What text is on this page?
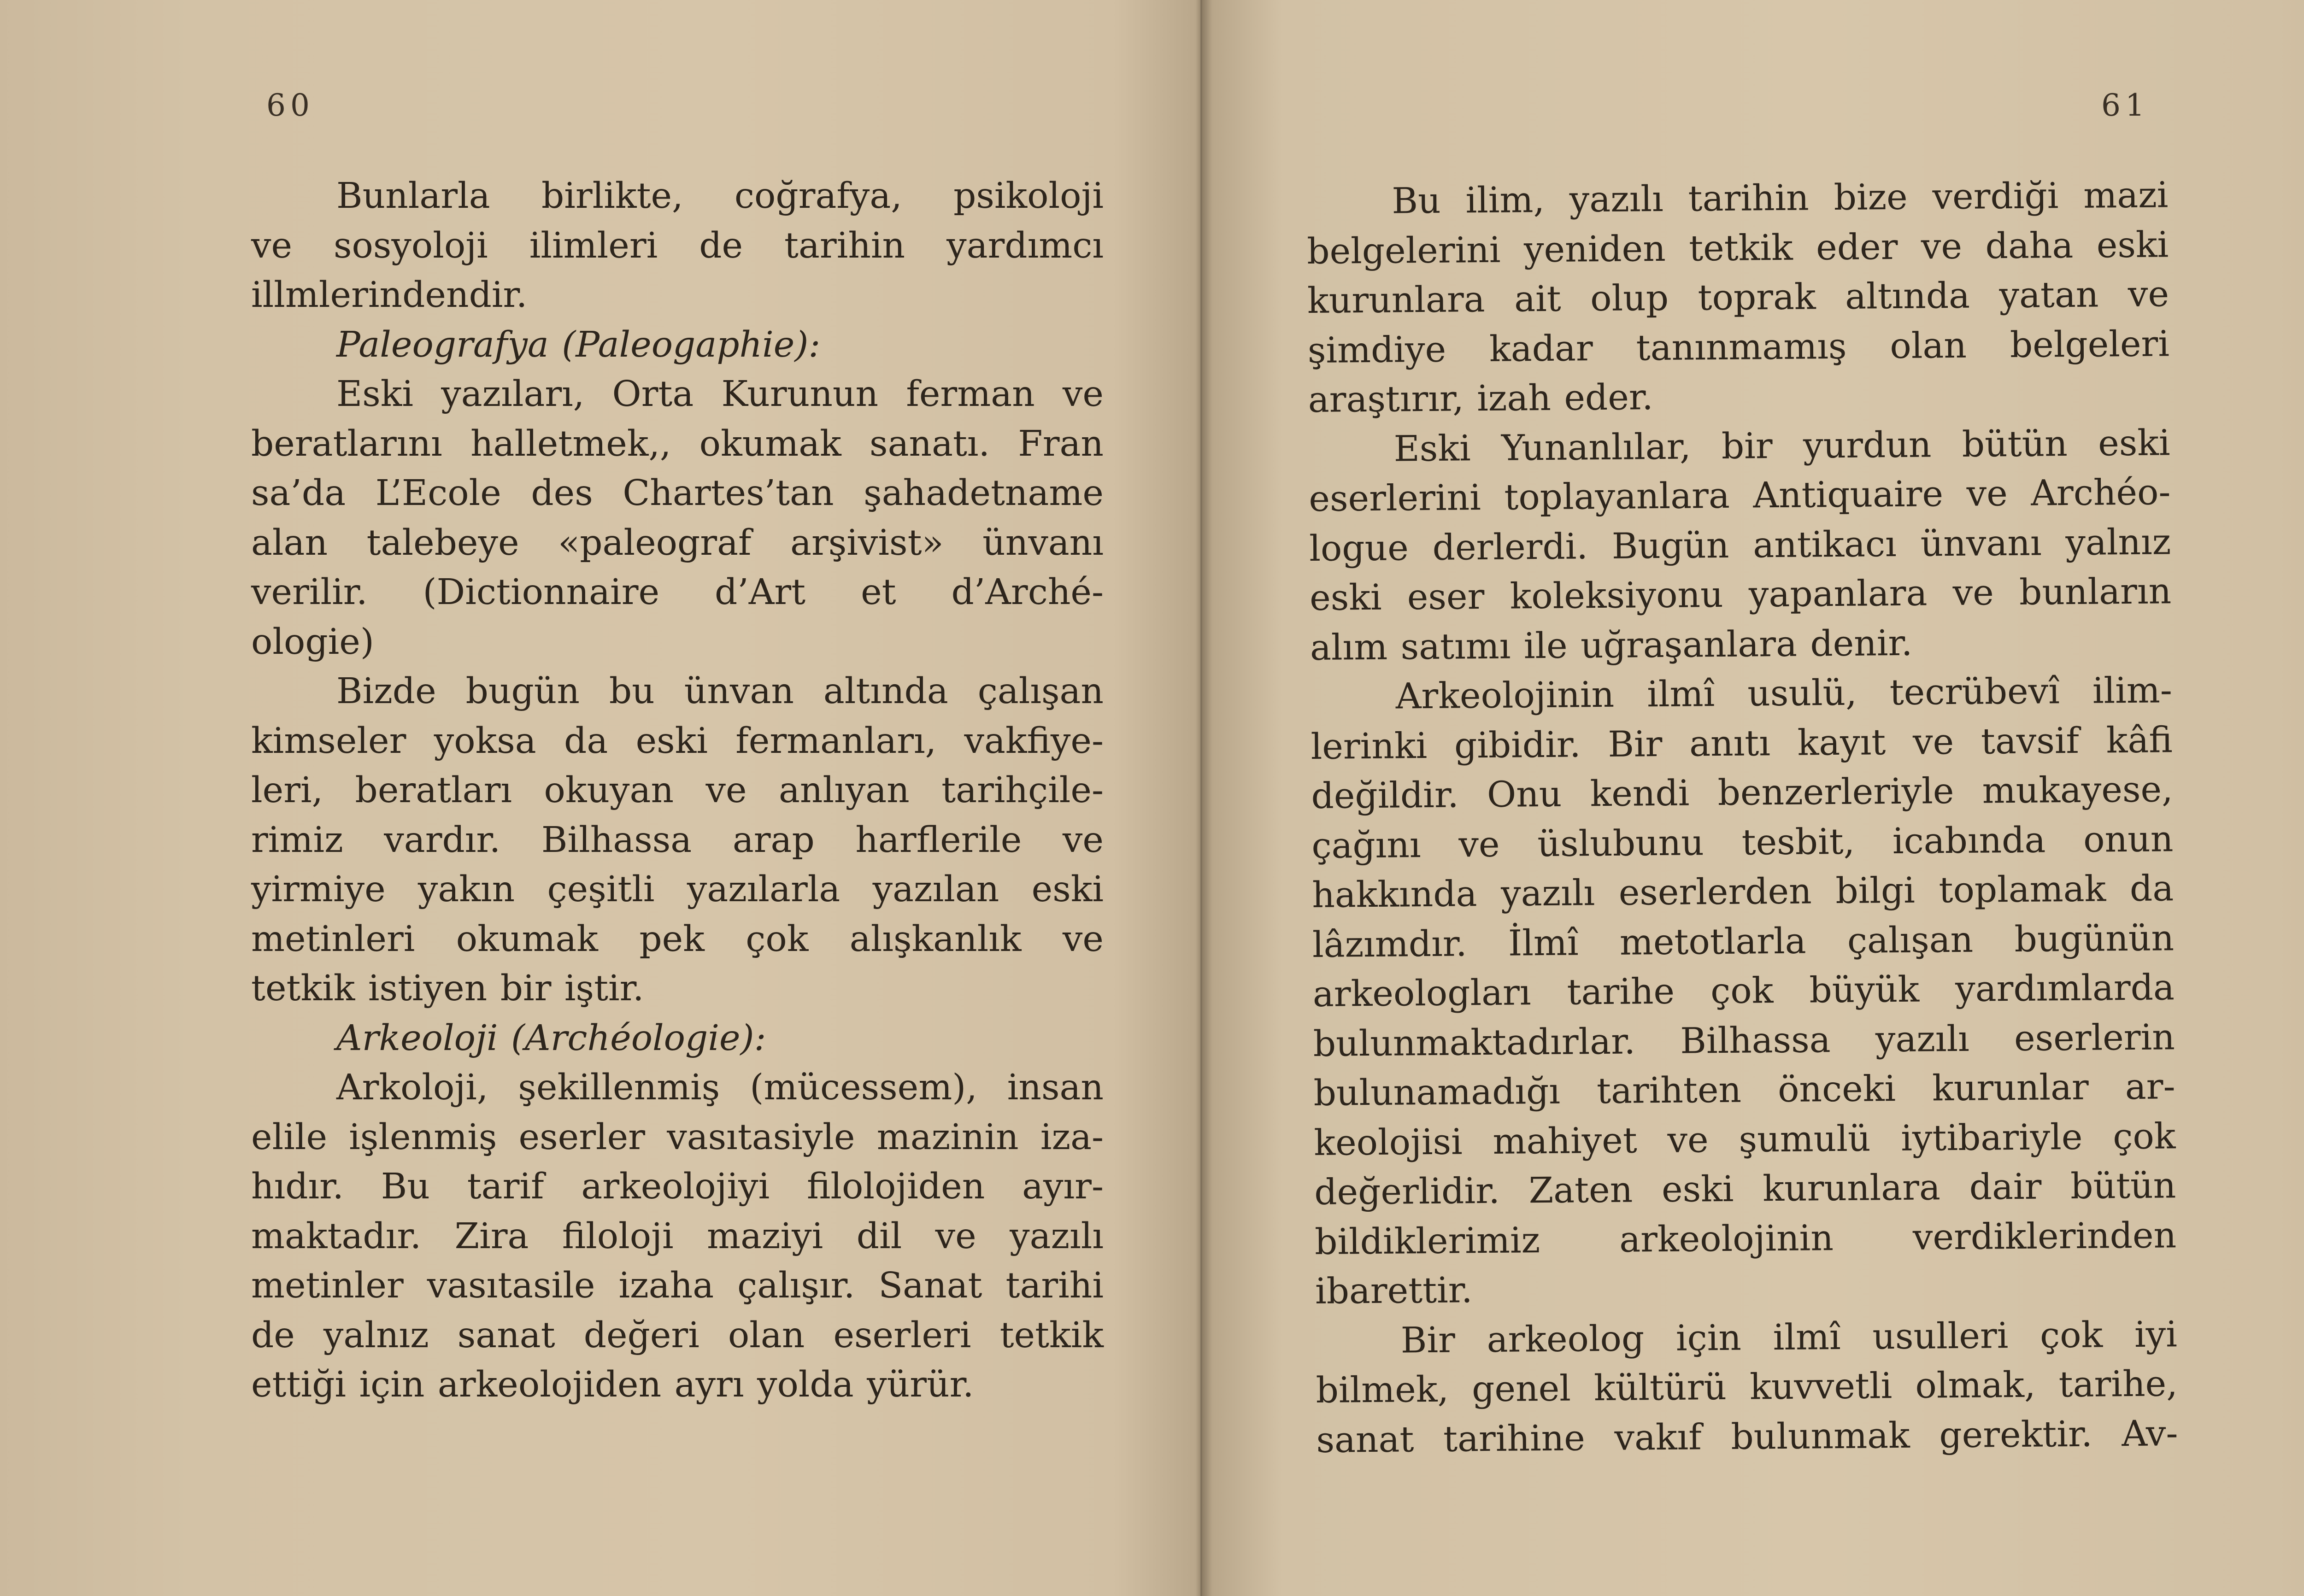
60
Bunlarla birlikte, coğrafya, psikoloji
ve sosyoloji ilimleri de tarihin yardımcı
illmlerindendir.
Paleografya (Paleogaphie):
Eski yazıları, Orta Kurunun ferman ve
beratlarını halletmek,, okumak sanatı. Fran
sa’da L’Ecole des Chartes’tan şahadetname
alan talebeye «paleograf arşivist» ünvanı
verilir. (Dictionnaire d’Art et d’Arché-
ologie)
Bizde bugün bu ünvan altında çalışan
kimseler yoksa da eski fermanları, vakfiye-
leri, beratları okuyan ve anlıyan tarihçile-
rimiz vardır. Bilhassa arap harflerile ve
yirmiye yakın çeşitli yazılarla yazılan eski
metinleri okumak pek çok alışkanlık ve
tetkik istiyen bir iştir.
Arkeoloji (Archéologie):
Arkoloji, şekillenmiş (mücessem), insan
elile işlenmiş eserler vasıtasiyle mazinin iza-
hıdır. Bu tarif arkeolojiyi filolojiden ayır-
maktadır. Zira filoloji maziyi dil ve yazılı
metinler vasıtasile izaha çalışır. Sanat tarihi
de yalnız sanat değeri olan eserleri tetkik
ettiği için arkeolojiden ayrı yolda yürür.
61
Bu ilim, yazılı tarihin bize verdiği mazi
belgelerini yeniden tetkik eder ve daha eski
kurunlara ait olup toprak altında yatan ve
şimdiye kadar tanınmamış olan belgeleri
araştırır, izah eder.
Eski Yunanlılar, bir yurdun bütün eski
eserlerini toplayanlara Antiquaire ve Archéo-
logue derlerdi. Bugün antikacı ünvanı yalnız
eski eser koleksiyonu yapanlara ve bunların
alım satımı ile uğraşanlara denir.
Arkeolojinin ilmî usulü, tecrübevî ilim-
lerinki gibidir. Bir anıtı kayıt ve tavsif kâfi
değildir. Onu kendi benzerleriyle mukayese,
çağını ve üslubunu tesbit, icabında onun
hakkında yazılı eserlerden bilgi toplamak da
lâzımdır. İlmî metotlarla çalışan bugünün
arkeologları tarihe çok büyük yardımlarda
bulunmaktadırlar. Bilhassa yazılı eserlerin
bulunamadığı tarihten önceki kurunlar ar-
keolojisi mahiyet ve şumulü iytibariyle çok
değerlidir. Zaten eski kurunlara dair bütün
bildiklerimiz arkeolojinin verdiklerinden
ibarettir.
Bir arkeolog için ilmî usulleri çok iyi
bilmek, genel kültürü kuvvetli olmak, tarihe,
sanat tarihine vakıf bulunmak gerektir. Av-
